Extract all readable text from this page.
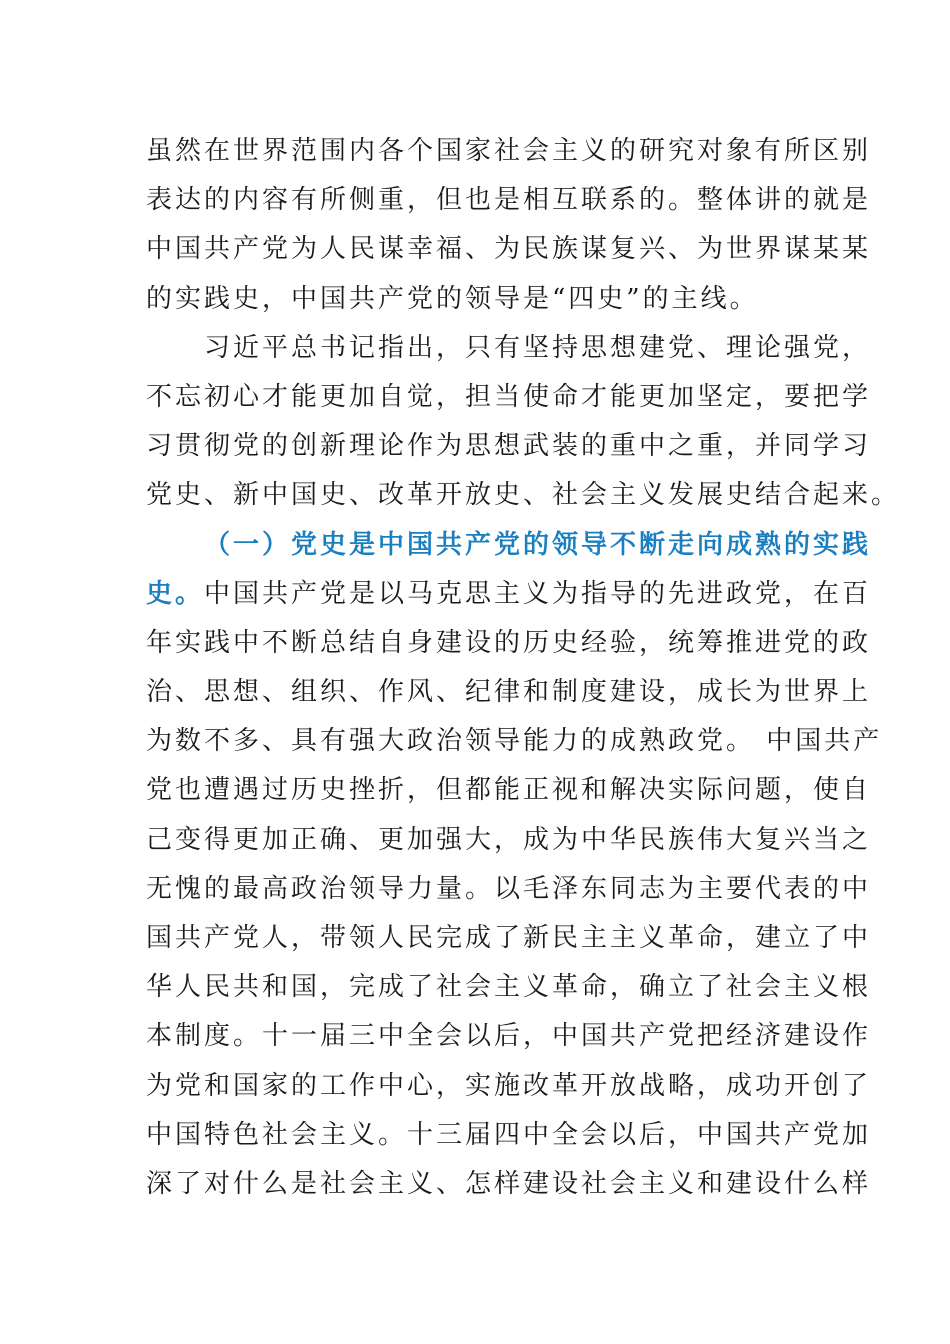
虽然在世界范围内各个国家社会主义的研究对象有所区别
表达的内容有所侧重，但也是相互联系的。整体讲的就是
中国共产党为人民谋幸福、为民族谋复兴、为世界谋某某
的实践史，中国共产党的领导是“四史”的主线。
习近平总书记指出，只有坚持思想建党、理论强党，
不忘初心才能更加自觉，担当使命才能更加坚定，要把学
习贯彻党的创新理论作为思想武装的重中之重，并同学习
党史、新中国史、改革开放史、社会主义发展史结合起来。
（一）党史是中国共产党的领导不断走向成熟的实践
史。中国共产党是以马克思主义为指导的先进政党，在百
年实践中不断总结自身建设的历史经验，统筹推进党的政
治、思想、组织、作风、纪律和制度建设，成长为世界上
为数不多、具有强大政治领导能力的成熟政党。 中国共产
党也遭遇过历史挫折，但都能正视和解决实际问题，使自
己变得更加正确、更加强大，成为中华民族伟大复兴当之
无愧的最高政治领导力量。以毛泽东同志为主要代表的中
国共产党人，带领人民完成了新民主主义革命，建立了中
华人民共和国，完成了社会主义革命，确立了社会主义根
本制度。十一届三中全会以后，中国共产党把经济建设作
为党和国家的工作中心，实施改革开放战略，成功开创了
中国特色社会主义。十三届四中全会以后，中国共产党加
深了对什么是社会主义、怎样建设社会主义和建设什么样
